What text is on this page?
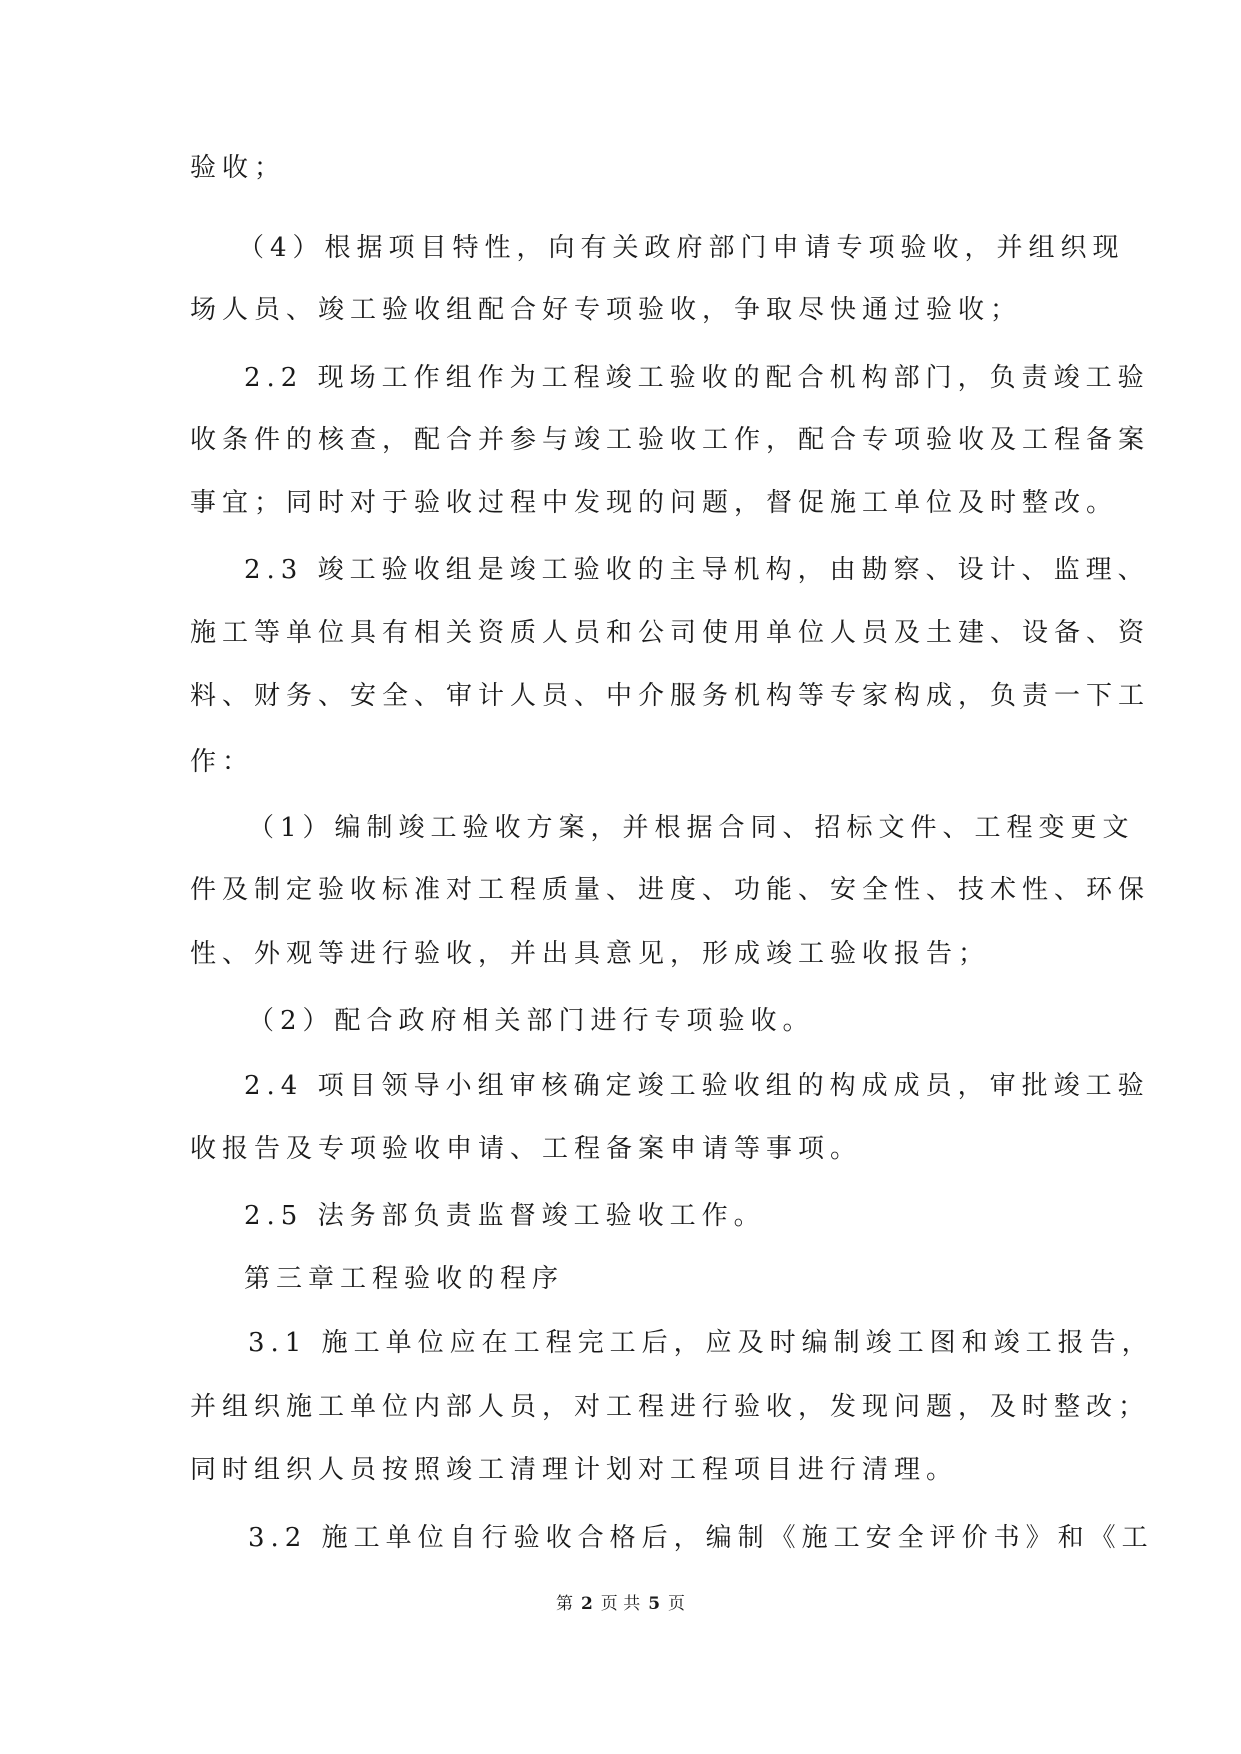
验收；
（4）根据项目特性，向有关政府部门申请专项验收，并组织现
场人员、竣工验收组配合好专项验收，争取尽快通过验收；
2.2 现场工作组作为工程竣工验收的配合机构部门，负责竣工验
收条件的核查，配合并参与竣工验收工作，配合专项验收及工程备案
事宜；同时对于验收过程中发现的问题，督促施工单位及时整改。
2.3 竣工验收组是竣工验收的主导机构，由勘察、设计、监理、
施工等单位具有相关资质人员和公司使用单位人员及土建、设备、资
料、财务、安全、审计人员、中介服务机构等专家构成，负责一下工
作：
（1）编制竣工验收方案，并根据合同、招标文件、工程变更文
件及制定验收标准对工程质量、进度、功能、安全性、技术性、环保
性、外观等进行验收，并出具意见，形成竣工验收报告；
（2）配合政府相关部门进行专项验收。
2.4 项目领导小组审核确定竣工验收组的构成成员，审批竣工验
收报告及专项验收申请、工程备案申请等事项。
2.5 法务部负责监督竣工验收工作。
第三章工程验收的程序
3.1 施工单位应在工程完工后，应及时编制竣工图和竣工报告，
并组织施工单位内部人员，对工程进行验收，发现问题，及时整改；
同时组织人员按照竣工清理计划对工程项目进行清理。
3.2 施工单位自行验收合格后，编制《施工安全评价书》和《工
第 2 页 共 5 页
